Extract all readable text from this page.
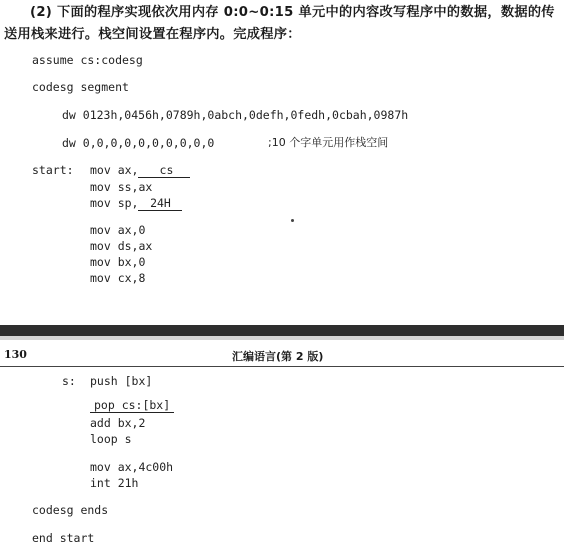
(2) 下面的程序实现依次用内存 0:0~0:15 单元中的内容改写程序中的数据，数据的传
送用栈来进行。栈空间设置在程序内。完成程序：
assume cs:codesg
codesg segment
dw 0123h,0456h,0789h,0abch,0defh,0fedh,0cbah,0987h
dw 0,0,0,0,0,0,0,0,0,0	;10 个字单元用作栈空间
start: mov ax, cs
mov ss,ax
mov sp, 24H
mov ax,0
mov ds,ax
mov bx,0
mov cx,8
130	汇编语言(第 2 版)
s: push [bx]
pop cs:[bx]
add bx,2
loop s
mov ax,4c00h
int 21h
codesg ends
end start
